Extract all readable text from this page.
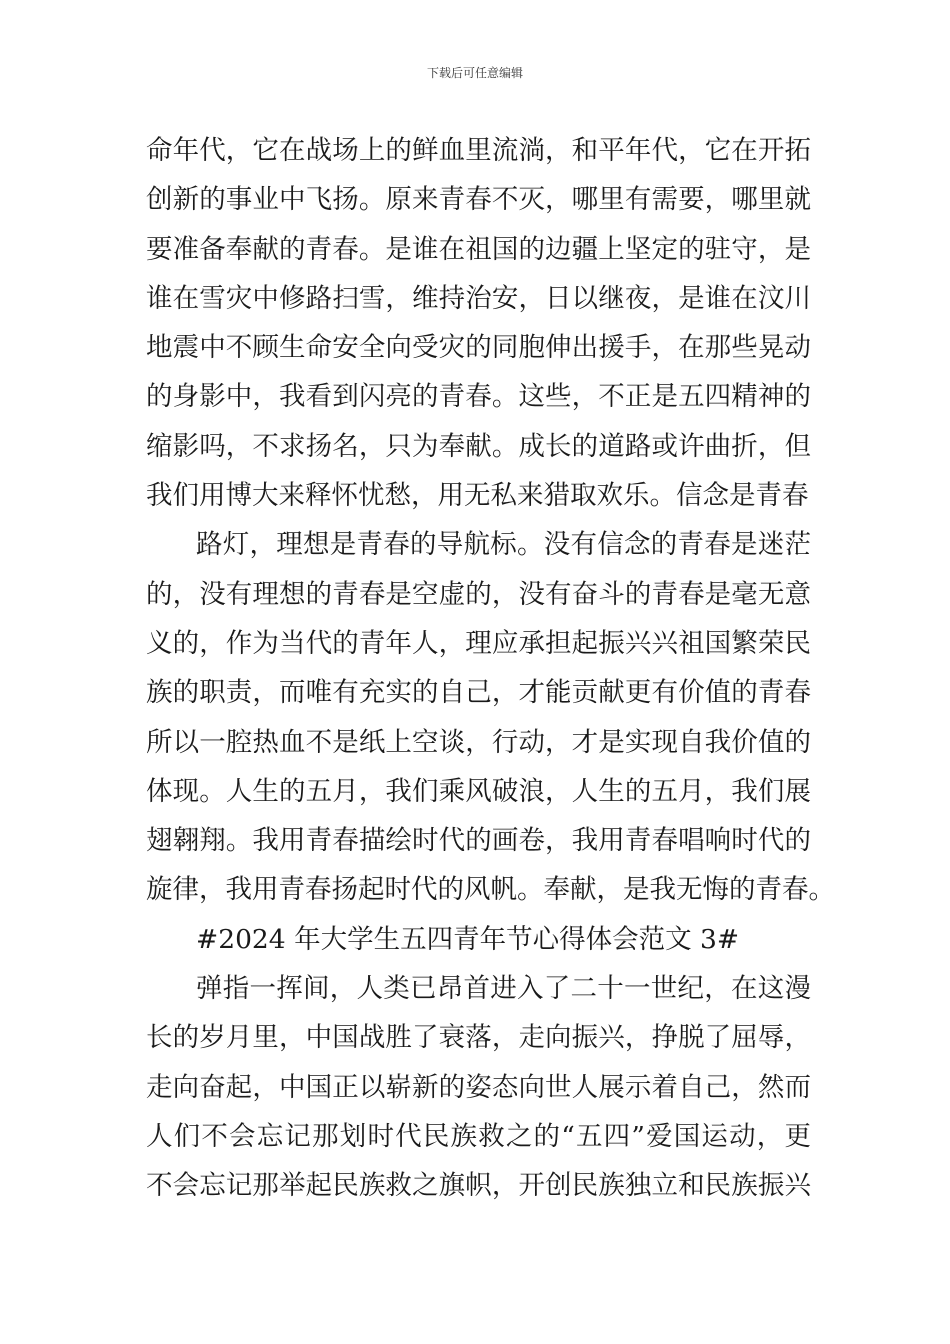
下载后可任意编辑
命年代，它在战场上的鲜血里流淌，和平年代，它在开拓
创新的事业中飞扬。原来青春不灭，哪里有需要，哪里就
要准备奉献的青春。是谁在祖国的边疆上坚定的驻守，是
谁在雪灾中修路扫雪，维持治安，日以继夜，是谁在汶川
地震中不顾生命安全向受灾的同胞伸出援手，在那些晃动
的身影中，我看到闪亮的青春。这些，不正是五四精神的
缩影吗，不求扬名，只为奉献。成长的道路或许曲折，但
我们用博大来释怀忧愁，用无私来猎取欢乐。信念是青春
路灯，理想是青春的导航标。没有信念的青春是迷茫
的，没有理想的青春是空虚的，没有奋斗的青春是毫无意
义的，作为当代的青年人，理应承担起振兴兴祖国繁荣民
族的职责，而唯有充实的自己，才能贡献更有价值的青春
所以一腔热血不是纸上空谈，行动，才是实现自我价值的
体现。人生的五月，我们乘风破浪，人生的五月，我们展
翅翱翔。我用青春描绘时代的画卷，我用青春唱响时代的
旋律，我用青春扬起时代的风帆。奉献，是我无悔的青春。
#2024 年大学生五四青年节心得体会范文 3#
弹指一挥间，人类已昂首进入了二十一世纪，在这漫
长的岁月里，中国战胜了衰落，走向振兴，挣脱了屈辱，
走向奋起，中国正以崭新的姿态向世人展示着自己，然而
人们不会忘记那划时代民族救之的“五四”爱国运动，更
不会忘记那举起民族救之旗帜，开创民族独立和民族振兴
